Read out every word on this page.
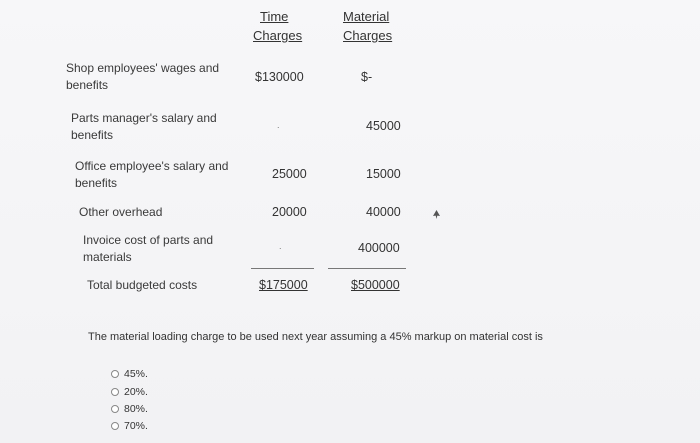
Time
Charges
Material
Charges
Shop employees' wages and
benefits
$130000	$-
Parts manager's salary and
benefits
.	45000
Office employee's salary and
benefits
25000	15000
Other overhead	20000	40000
Invoice cost of parts and
materials
.	400000
Total budgeted costs	$175000	$500000
The material loading charge to be used next year assuming a 45% markup on material cost is
45%.
20%.
80%.
70%.
